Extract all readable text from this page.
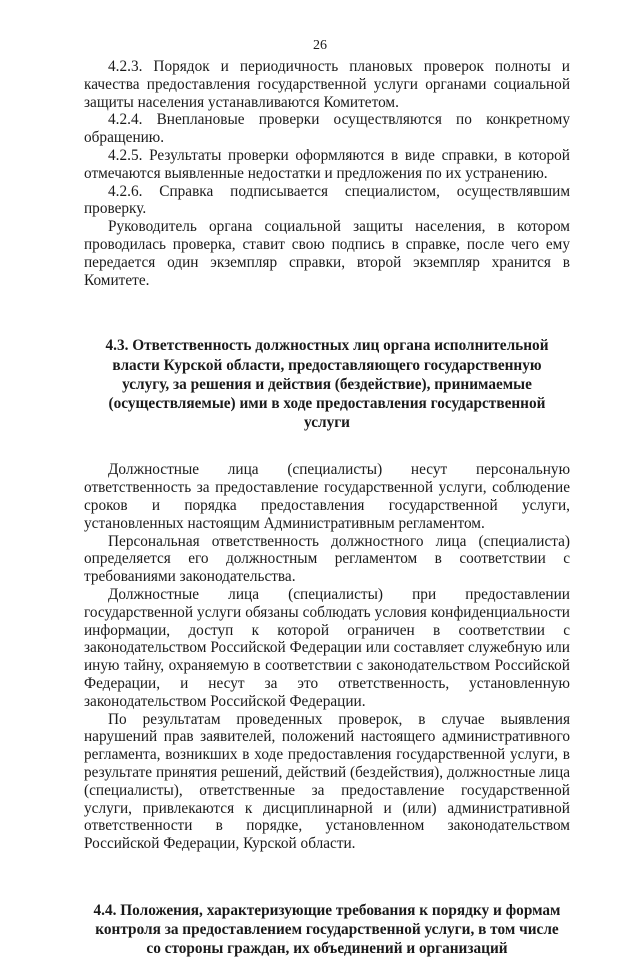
26

4.2.3. Порядок и периодичность плановых проверок полноты и качества предоставления государственной услуги органами социальной защиты населения устанавливаются Комитетом.

4.2.4. Внеплановые проверки осуществляются по конкретному обращению.

4.2.5. Результаты проверки оформляются в виде справки, в которой отмечаются выявленные недостатки и предложения по их устранению.

4.2.6. Справка подписывается специалистом, осуществлявшим проверку.

Руководитель органа социальной защиты населения, в котором проводилась проверка, ставит свою подпись в справке, после чего ему передается один экземпляр справки, второй экземпляр хранится в Комитете.

4.3. Ответственность должностных лиц органа исполнительной власти Курской области, предоставляющего государственную услугу, за решения и действия (бездействие), принимаемые (осуществляемые) ими в ходе предоставления государственной услуги

Должностные лица (специалисты) несут персональную ответственность за предоставление государственной услуги, соблюдение сроков и порядка предоставления государственной услуги, установленных настоящим Административным регламентом.

Персональная ответственность должностного лица (специалиста) определяется его должностным регламентом в соответствии с требованиями законодательства.

Должностные лица (специалисты) при предоставлении государственной услуги обязаны соблюдать условия конфиденциальности информации, доступ к которой ограничен в соответствии с законодательством Российской Федерации или составляет служебную или иную тайну, охраняемую в соответствии с законодательством Российской Федерации, и несут за это ответственность, установленную законодательством Российской Федерации.

По результатам проведенных проверок, в случае выявления нарушений прав заявителей, положений настоящего административного регламента, возникших в ходе предоставления государственной услуги, в результате принятия решений, действий (бездействия), должностные лица (специалисты), ответственные за предоставление государственной услуги, привлекаются к дисциплинарной и (или) административной ответственности в порядке, установленном законодательством Российской Федерации, Курской области.

4.4. Положения, характеризующие требования к порядку и формам контроля за предоставлением государственной услуги, в том числе со стороны граждан, их объединений и организаций
